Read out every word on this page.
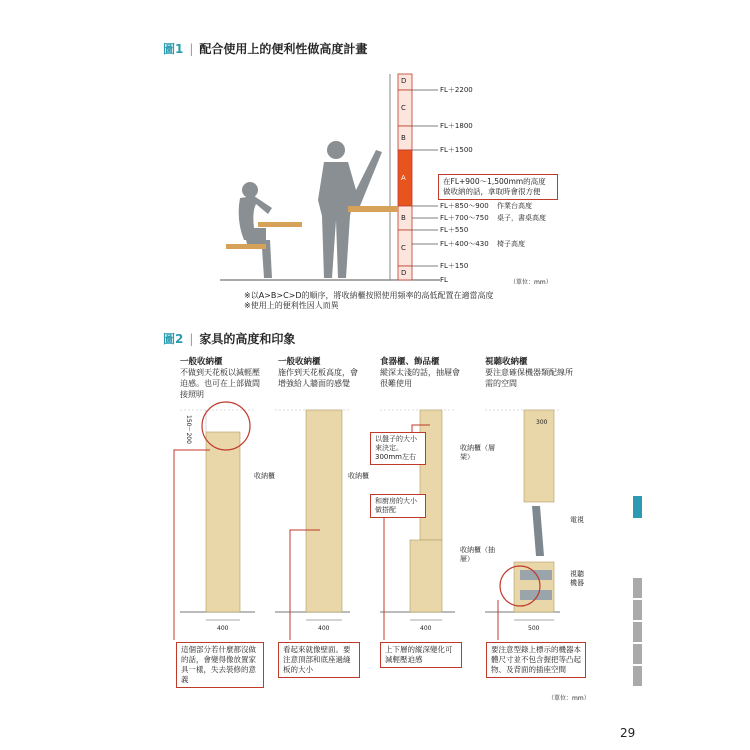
圖1 | 配合使用上的便利性做高度計畫
D
C
B
A
B
C
D
FL＋2200
FL＋1800
FL＋1500
FL＋850〜900 作業台高度
FL＋700〜750 桌子，書桌高度
FL＋550
FL＋400〜430 椅子高度
FL＋150
FL	（單位：mm）
在FL+900〜1,500mm的高度做收納的話，拿取時會很方便
※以A>B>C>D的順序，將收納櫃按照使用頻率的高低配置在適當高度
※使用上的便利性因人而異
圖2 | 家具的高度和印象
一般收納櫃
不做到天花板以減輕壓迫感。也可在上部做間接照明
一般收納櫃
施作到天花板高度，會增強給人牆面的感覺
食器櫃、飾品櫃
縱深太淺的話，抽屜會很難使用
視聽收納櫃
要注意確保機器類配線所需的空間
150〜200
收納櫃	收納櫃
以盤子的大小來決定。300mm左右
收納櫃（層架）
和廚房的大小做搭配
收納櫃（抽屜）
電視
視聽機器
300
400	400	400	500
這個部分若什麼都沒做的話，會變得像放置家具一樣，失去裝修的意義
看起來就像壁面。要注意頂部和底座過縫板的大小
上下層的縱深變化可減輕壓迫感
要注意型錄上標示的機器本體尺寸並不包含握把等凸起物、及背面的插座空間
（單位：mm）
29
